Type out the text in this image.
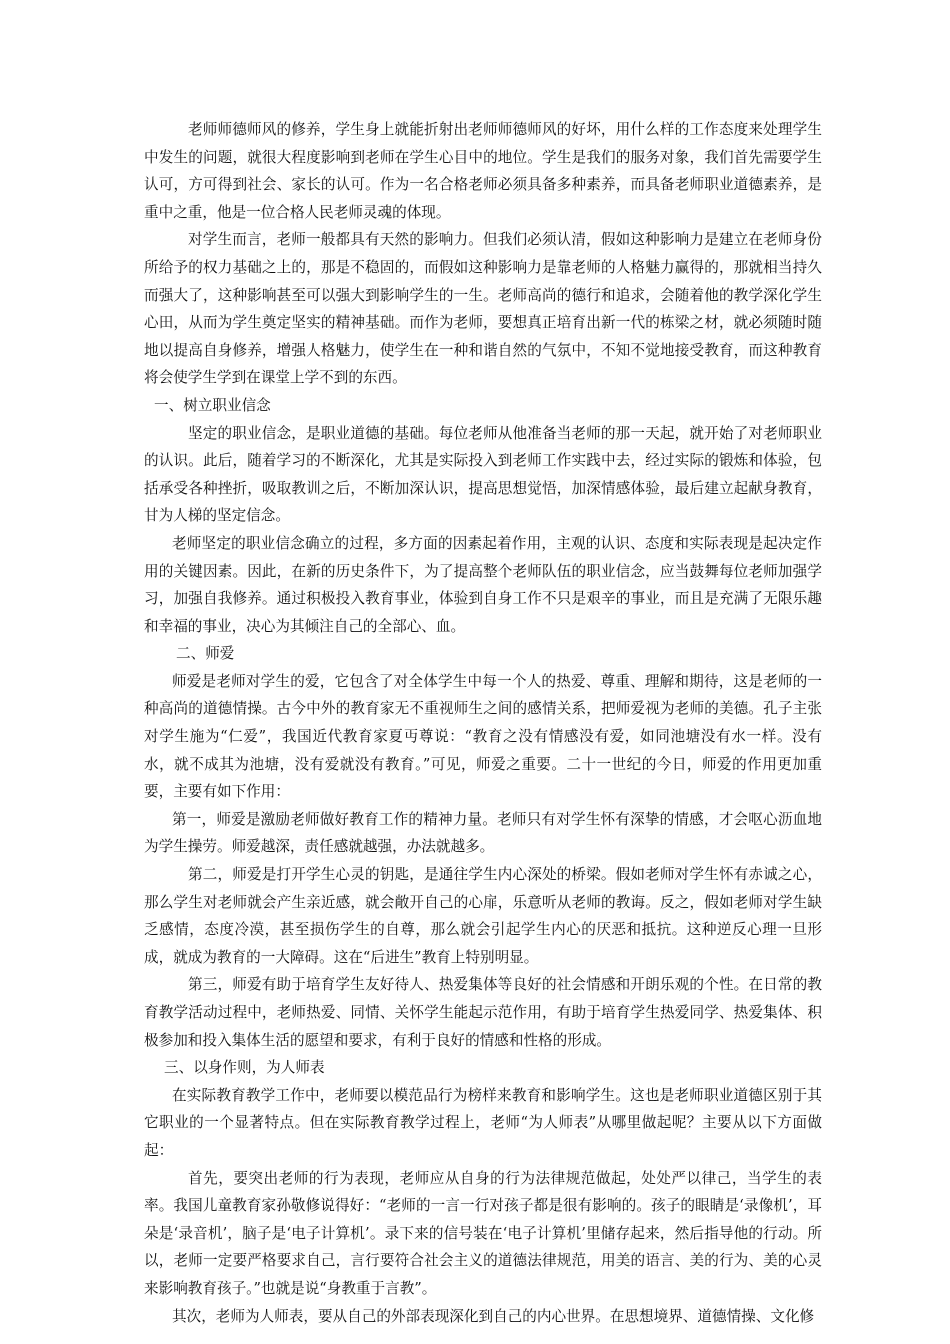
老师师德师风的修养，学生身上就能折射出老师师德师风的好坏，用什么样的工作态度来处理学生中发生的问题，就很大程度影响到老师在学生心目中的地位。学生是我们的服务对象，我们首先需要学生认可，方可得到社会、家长的认可。作为一名合格老师必须具备多种素养，而具备老师职业道德素养，是重中之重，他是一位合格人民老师灵魂的体现。

对学生而言，老师一般都具有天然的影响力。但我们必须认清，假如这种影响力是建立在老师身份所给予的权力基础之上的，那是不稳固的，而假如这种影响力是靠老师的人格魅力赢得的，那就相当持久而强大了，这种影响甚至可以强大到影响学生的一生。老师高尚的德行和追求，会随着他的教学深化学生心田，从而为学生奠定坚实的精神基础。而作为老师，要想真正培育出新一代的栋梁之材，就必须随时随地以提高自身修养，增强人格魅力，使学生在一种和谐自然的气氛中，不知不觉地接受教育，而这种教育将会使学生学到在课堂上学不到的东西。

一、树立职业信念

坚定的职业信念，是职业道德的基础。每位老师从他准备当老师的那一天起，就开始了对老师职业的认识。此后，随着学习的不断深化，尤其是实际投入到老师工作实践中去，经过实际的锻炼和体验，包括承受各种挫折，吸取教训之后，不断加深认识，提高思想觉悟，加深情感体验，最后建立起献身教育，甘为人梯的坚定信念。

老师坚定的职业信念确立的过程，多方面的因素起着作用，主观的认识、态度和实际表现是起决定作用的关键因素。因此，在新的历史条件下，为了提高整个老师队伍的职业信念，应当鼓舞每位老师加强学习，加强自我修养。通过积极投入教育事业，体验到自身工作不只是艰辛的事业，而且是充满了无限乐趣和幸福的事业，决心为其倾注自己的全部心、血。

二、师爱

师爱是老师对学生的爱，它包含了对全体学生中每一个人的热爱、尊重、理解和期待，这是老师的一种高尚的道德情操。古今中外的教育家无不重视师生之间的感情关系，把师爱视为老师的美德。孔子主张对学生施为“仁爱”，我国近代教育家夏丏尊说：“教育之没有情感没有爱，如同池塘没有水一样。没有水，就不成其为池塘，没有爱就没有教育。”可见，师爱之重要。二十一世纪的今日，师爱的作用更加重要，主要有如下作用：

第一，师爱是激励老师做好教育工作的精神力量。老师只有对学生怀有深挚的情感，才会呕心沥血地为学生操劳。师爱越深，责任感就越强，办法就越多。

第二，师爱是打开学生心灵的钥匙，是通往学生内心深处的桥梁。假如老师对学生怀有赤诚之心，那么学生对老师就会产生亲近感，就会敞开自己的心扉，乐意听从老师的教诲。反之，假如老师对学生缺乏感情，态度冷漠，甚至损伤学生的自尊，那么就会引起学生内心的厌恶和抵抗。这种逆反心理一旦形成，就成为教育的一大障碍。这在“后进生”教育上特别明显。

第三，师爱有助于培育学生友好待人、热爱集体等良好的社会情感和开朗乐观的个性。在日常的教育教学活动过程中，老师热爱、同情、关怀学生能起示范作用，有助于培育学生热爱同学、热爱集体、积极参加和投入集体生活的愿望和要求，有利于良好的情感和性格的形成。

三、以身作则，为人师表

在实际教育教学工作中，老师要以模范品行为榜样来教育和影响学生。这也是老师职业道德区别于其它职业的一个显著特点。但在实际教育教学过程上，老师“为人师表”从哪里做起呢？主要从以下方面做起：

首先，要突出老师的行为表现，老师应从自身的行为法律规范做起，处处严以律己，当学生的表率。我国儿童教育家孙敬修说得好：“老师的一言一行对孩子都是很有影响的。孩子的眼睛是‘录像机’，耳朵是‘录音机’，脑子是‘电子计算机’。录下来的信号装在‘电子计算机’里储存起来，然后指导他的行动。所以，老师一定要严格要求自己，言行要符合社会主义的道德法律规范，用美的语言、美的行为、美的心灵来影响教育孩子。”也就是说“身教重于言教”。

其次，老师为人师表，要从自己的外部表现深化到自己的内心世界。在思想境界、道德情操、文化修
